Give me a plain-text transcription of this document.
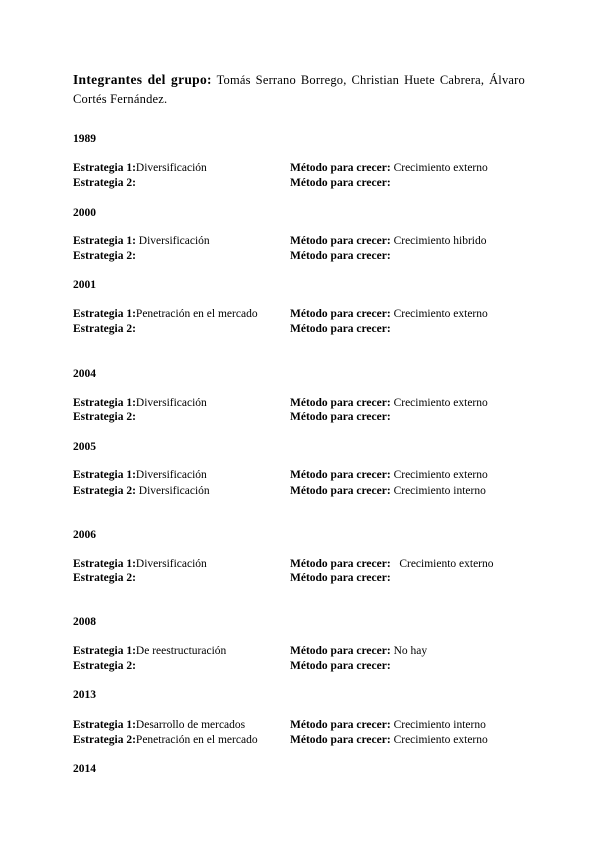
Integrantes del grupo: Tomás Serrano Borrego, Christian Huete Cabrera, Álvaro Cortés Fernández.
1989
Estrategia 1:Diversificación	Método para crecer: Crecimiento externo
Estrategia 2:	Método para crecer:
2000
Estrategia 1: Diversificación	Método para crecer: Crecimiento hibrido
Estrategia 2:	Método para crecer:
2001
Estrategia 1:Penetración en el mercado	Método para crecer: Crecimiento externo
Estrategia 2:	Método para crecer:
2004
Estrategia 1:Diversificación	Método para crecer: Crecimiento externo
Estrategia 2:	Método para crecer:
2005
Estrategia 1:Diversificación	Método para crecer: Crecimiento externo
Estrategia 2: Diversificación	Método para crecer: Crecimiento interno
2006
Estrategia 1:Diversificación	Método para crecer:   Crecimiento externo
Estrategia 2:	Método para crecer:
2008
Estrategia 1:De reestructuración	Método para crecer: No hay
Estrategia 2:	Método para crecer:
2013
Estrategia 1:Desarrollo de mercados	Método para crecer: Crecimiento interno
Estrategia 2:Penetración en el mercado	Método para crecer: Crecimiento externo
2014
